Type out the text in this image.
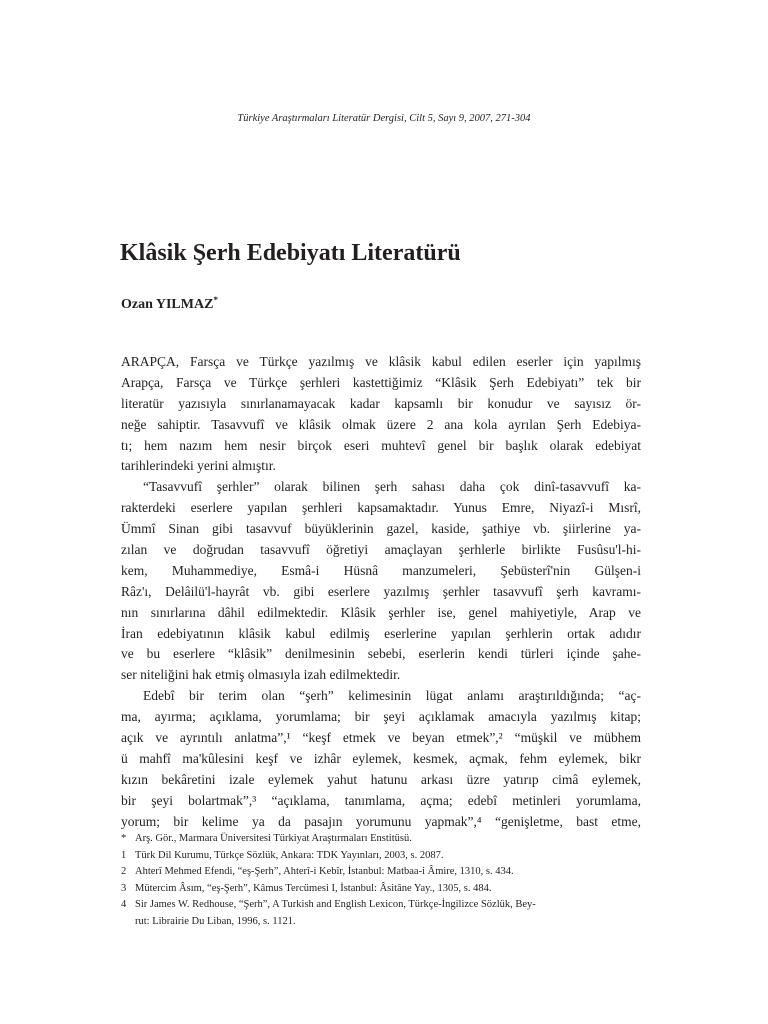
Türkiye Araştırmaları Literatür Dergisi, Cilt 5, Sayı 9, 2007, 271-304
Klâsik Şerh Edebiyatı Literatürü
Ozan YILMAZ*
ARAPÇA, Farsça ve Türkçe yazılmış ve klâsik kabul edilen eserler için yapılmış
Arapça, Farsça ve Türkçe şerhleri kastettiğimiz “Klâsik Şerh Edebiyatı” tek bir
literatür yazısıyla sınırlanamayacak kadar kapsamlı bir konudur ve sayısız ör-
neğe sahiptir. Tasavvufî ve klâsik olmak üzere 2 ana kola ayrılan Şerh Edebiya-
tı; hem nazım hem nesir birçok eseri muhtevî genel bir başlık olarak edebiyat
tarihlerindeki yerini almıştır.
“Tasavvufî şerhler” olarak bilinen şerh sahası daha çok dinî-tasavvufî ka-
rakterdeki eserlere yapılan şerhleri kapsamaktadır. Yunus Emre, Niyazî-i Mısrî,
Ümmî Sinan gibi tasavvuf büyüklerinin gazel, kaside, şathiye vb. şiirlerine ya-
zılan ve doğrudan tasavvufî öğretiyi amaçlayan şerhlerle birlikte Fusûsu'l-hi-
kem, Muhammediye, Esmâ-i Hüsnâ manzumeleri, Şebüsterî'nin Gülşen-i
Râz'ı, Delâilü'l-hayrât vb. gibi eserlere yazılmış şerhler tasavvufî şerh kavramı-
nın sınırlarına dâhil edilmektedir. Klâsik şerhler ise, genel mahiyetiyle, Arap ve
İran edebiyatının klâsik kabul edilmiş eserlerine yapılan şerhlerin ortak adıdır
ve bu eserlere “klâsik” denilmesinin sebebi, eserlerin kendi türleri içinde şahe-
ser niteliğini hak etmiş olmasıyla izah edilmektedir.
Edebî bir terim olan “şerh” kelimesinin lügat anlamı araştırıldığında; “aç-
ma, ayırma; açıklama, yorumlama; bir şeyi açıklamak amacıyla yazılmış kitap;
açık ve ayrıntılı anlatma”,¹ “keşf etmek ve beyan etmek”,² “müşkil ve mübhem
ü mahfî ma'kûlesini keşf ve izhâr eylemek, kesmek, açmak, fehm eylemek, bikr
kızın bekâretini izale eylemek yahut hatunu arkası üzre yatırıp cimâ eylemek,
bir şeyi bolartmak”,³ “açıklama, tanımlama, açma; edebî metinleri yorumlama,
yorum; bir kelime ya da pasajın yorumunu yapmak”,⁴ “genişletme, bast etme,
* Arş. Gör., Marmara Üniversitesi Türkiyat Araştırmaları Enstitüsü.
1 Türk Dil Kurumu, Türkçe Sözlük, Ankara: TDK Yayınları, 2003, s. 2087.
2 Ahterî Mehmed Efendi, “eş-Şerh”, Ahterî-i Kebîr, İstanbul: Matbaa-i Âmire, 1310, s. 434.
3 Mütercim Âsım, “eş-Şerh”, Kâmus Tercümesi I, İstanbul: Âsitâne Yay., 1305, s. 484.
4 Sir James W. Redhouse, “Şerh”, A Turkish and English Lexicon, Türkçe-İngilizce Sözlük, Bey-
rut: Librairie Du Liban, 1996, s. 1121.
